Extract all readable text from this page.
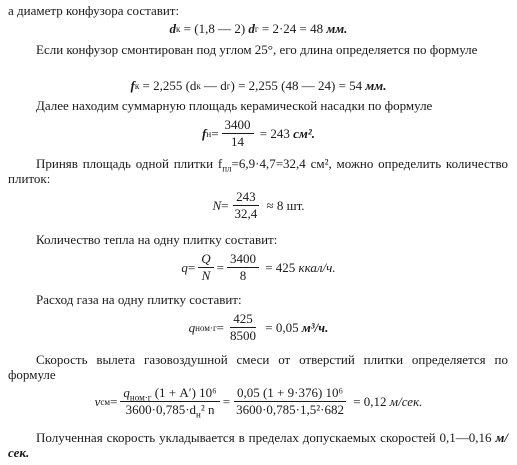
а диаметр конфузора составит:

d к = (1,8 — 2) d г = 2·24 = 48 мм.

Если конфузор смонтирован под углом 25°, его длина определяется по формуле

f к = 2,255 (d к — d г ) = 2,255 (48 — 24) = 54 мм.

Далее находим суммарную площадь керамической насадки по формуле

f $н = \frac{3400}{14} = 243$ см².

Приняв площадь одной плитки $f_{пл}=6,9\cdot 4,7=32,4$ см², можно определить количество плиток:

$N = \frac{243}{32,4} \approx 8$ шт.

Количество тепла на одну плитку составит:

$q = \frac{Q}{N} = \frac{3400}{8} = 425$ ккал/ч.

Расход газа на одну плитку составит:

q $ном\cdot г = \frac{425}{8500} = 0,05$ м³/ч.

Скорость вылета газовоздушной смеси от отверстий плитки определяется по формуле

v см = $\frac{q_{ном\cdot г} (1 + A') 10^6}{3600\cdot 0,785\cdot d_н^2 n} = \frac{\text{0,05 (1 + 9·376) 10⁶}}{\text{3600·0,785·1,5²·682}} = 0,12$ м/сек.

Полученная скорость укладывается в пределах допускаемых скоростей 0,1—0,16 м/сек.
